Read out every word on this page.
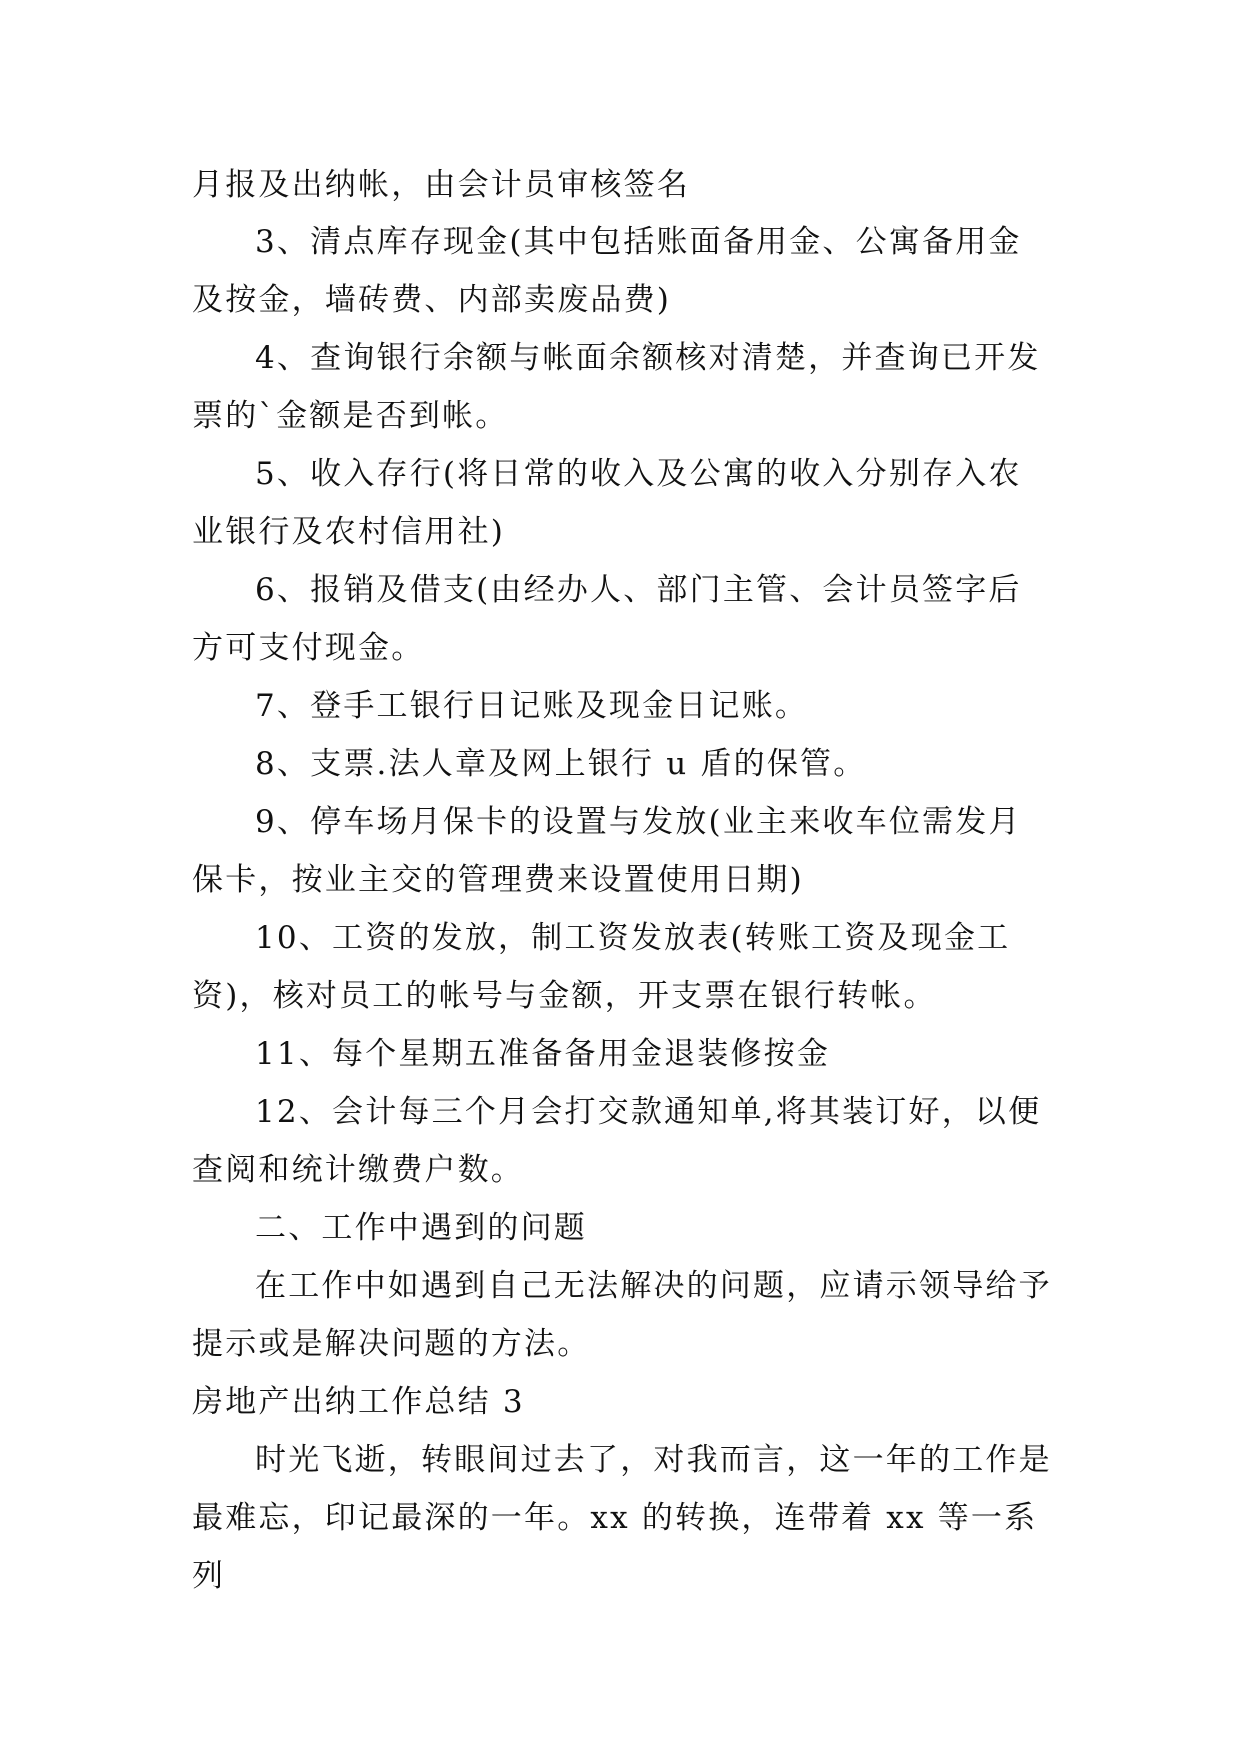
月报及出纳帐，由会计员审核签名

3、清点库存现金(其中包括账面备用金、公寓备用金及按金，墙砖费、内部卖废品费)

4、查询银行余额与帐面余额核对清楚，并查询已开发票的`金额是否到帐。

5、收入存行(将日常的收入及公寓的收入分别存入农业银行及农村信用社)

6、报销及借支(由经办人、部门主管、会计员签字后方可支付现金。

7、登手工银行日记账及现金日记账。

8、支票.法人章及网上银行 u 盾的保管。

9、停车场月保卡的设置与发放(业主来收车位需发月保卡，按业主交的管理费来设置使用日期)

10、工资的发放，制工资发放表(转账工资及现金工资)，核对员工的帐号与金额，开支票在银行转帐。

11、每个星期五准备备用金退装修按金

12、会计每三个月会打交款通知单,将其装订好，以便查阅和统计缴费户数。

二、工作中遇到的问题

在工作中如遇到自己无法解决的问题，应请示领导给予提示或是解决问题的方法。

房地产出纳工作总结 3

时光飞逝，转眼间过去了，对我而言，这一年的工作是最难忘，印记最深的一年。xx 的转换，连带着 xx 等一系列
